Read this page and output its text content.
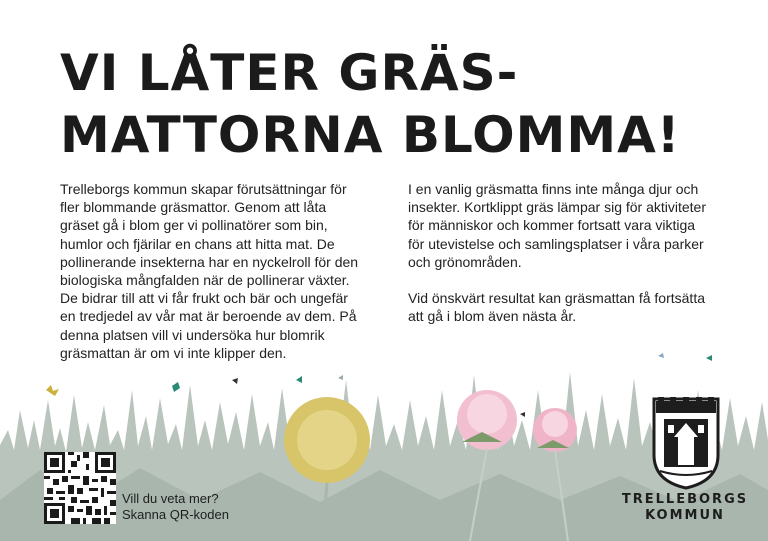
VI LÅTER GRÄS-
MATTORNA BLOMMA!

Trelleborgs kommun skapar förutsättningar för fler blommande gräsmattor. Genom att låta gräset gå i blom ger vi pollinatörer som bin, humlor och fjärilar en chans att hitta mat. De pollinerande insekterna har en nyckelroll för den biologiska mångfalden när de pollinerar växter. De bidrar till att vi får frukt och bär och ungefär en tredjedel av vår mat är beroende av dem. På denna platsen vill vi undersöka hur blomrik gräsmattan är om vi inte klipper den.

I en vanlig gräsmatta finns inte många djur och insekter. Kortklippt gräs lämpar sig för aktiviteter för människor och kommer fortsatt vara viktiga för utevistelse och samlingsplatser i våra parker och grönområden.

Vid önskvärt resultat kan gräsmattan få fortsätta att gå i blom även nästa år.

Vill du veta mer?
Skanna QR-koden
TRELLEBORGS
KOMMUN
